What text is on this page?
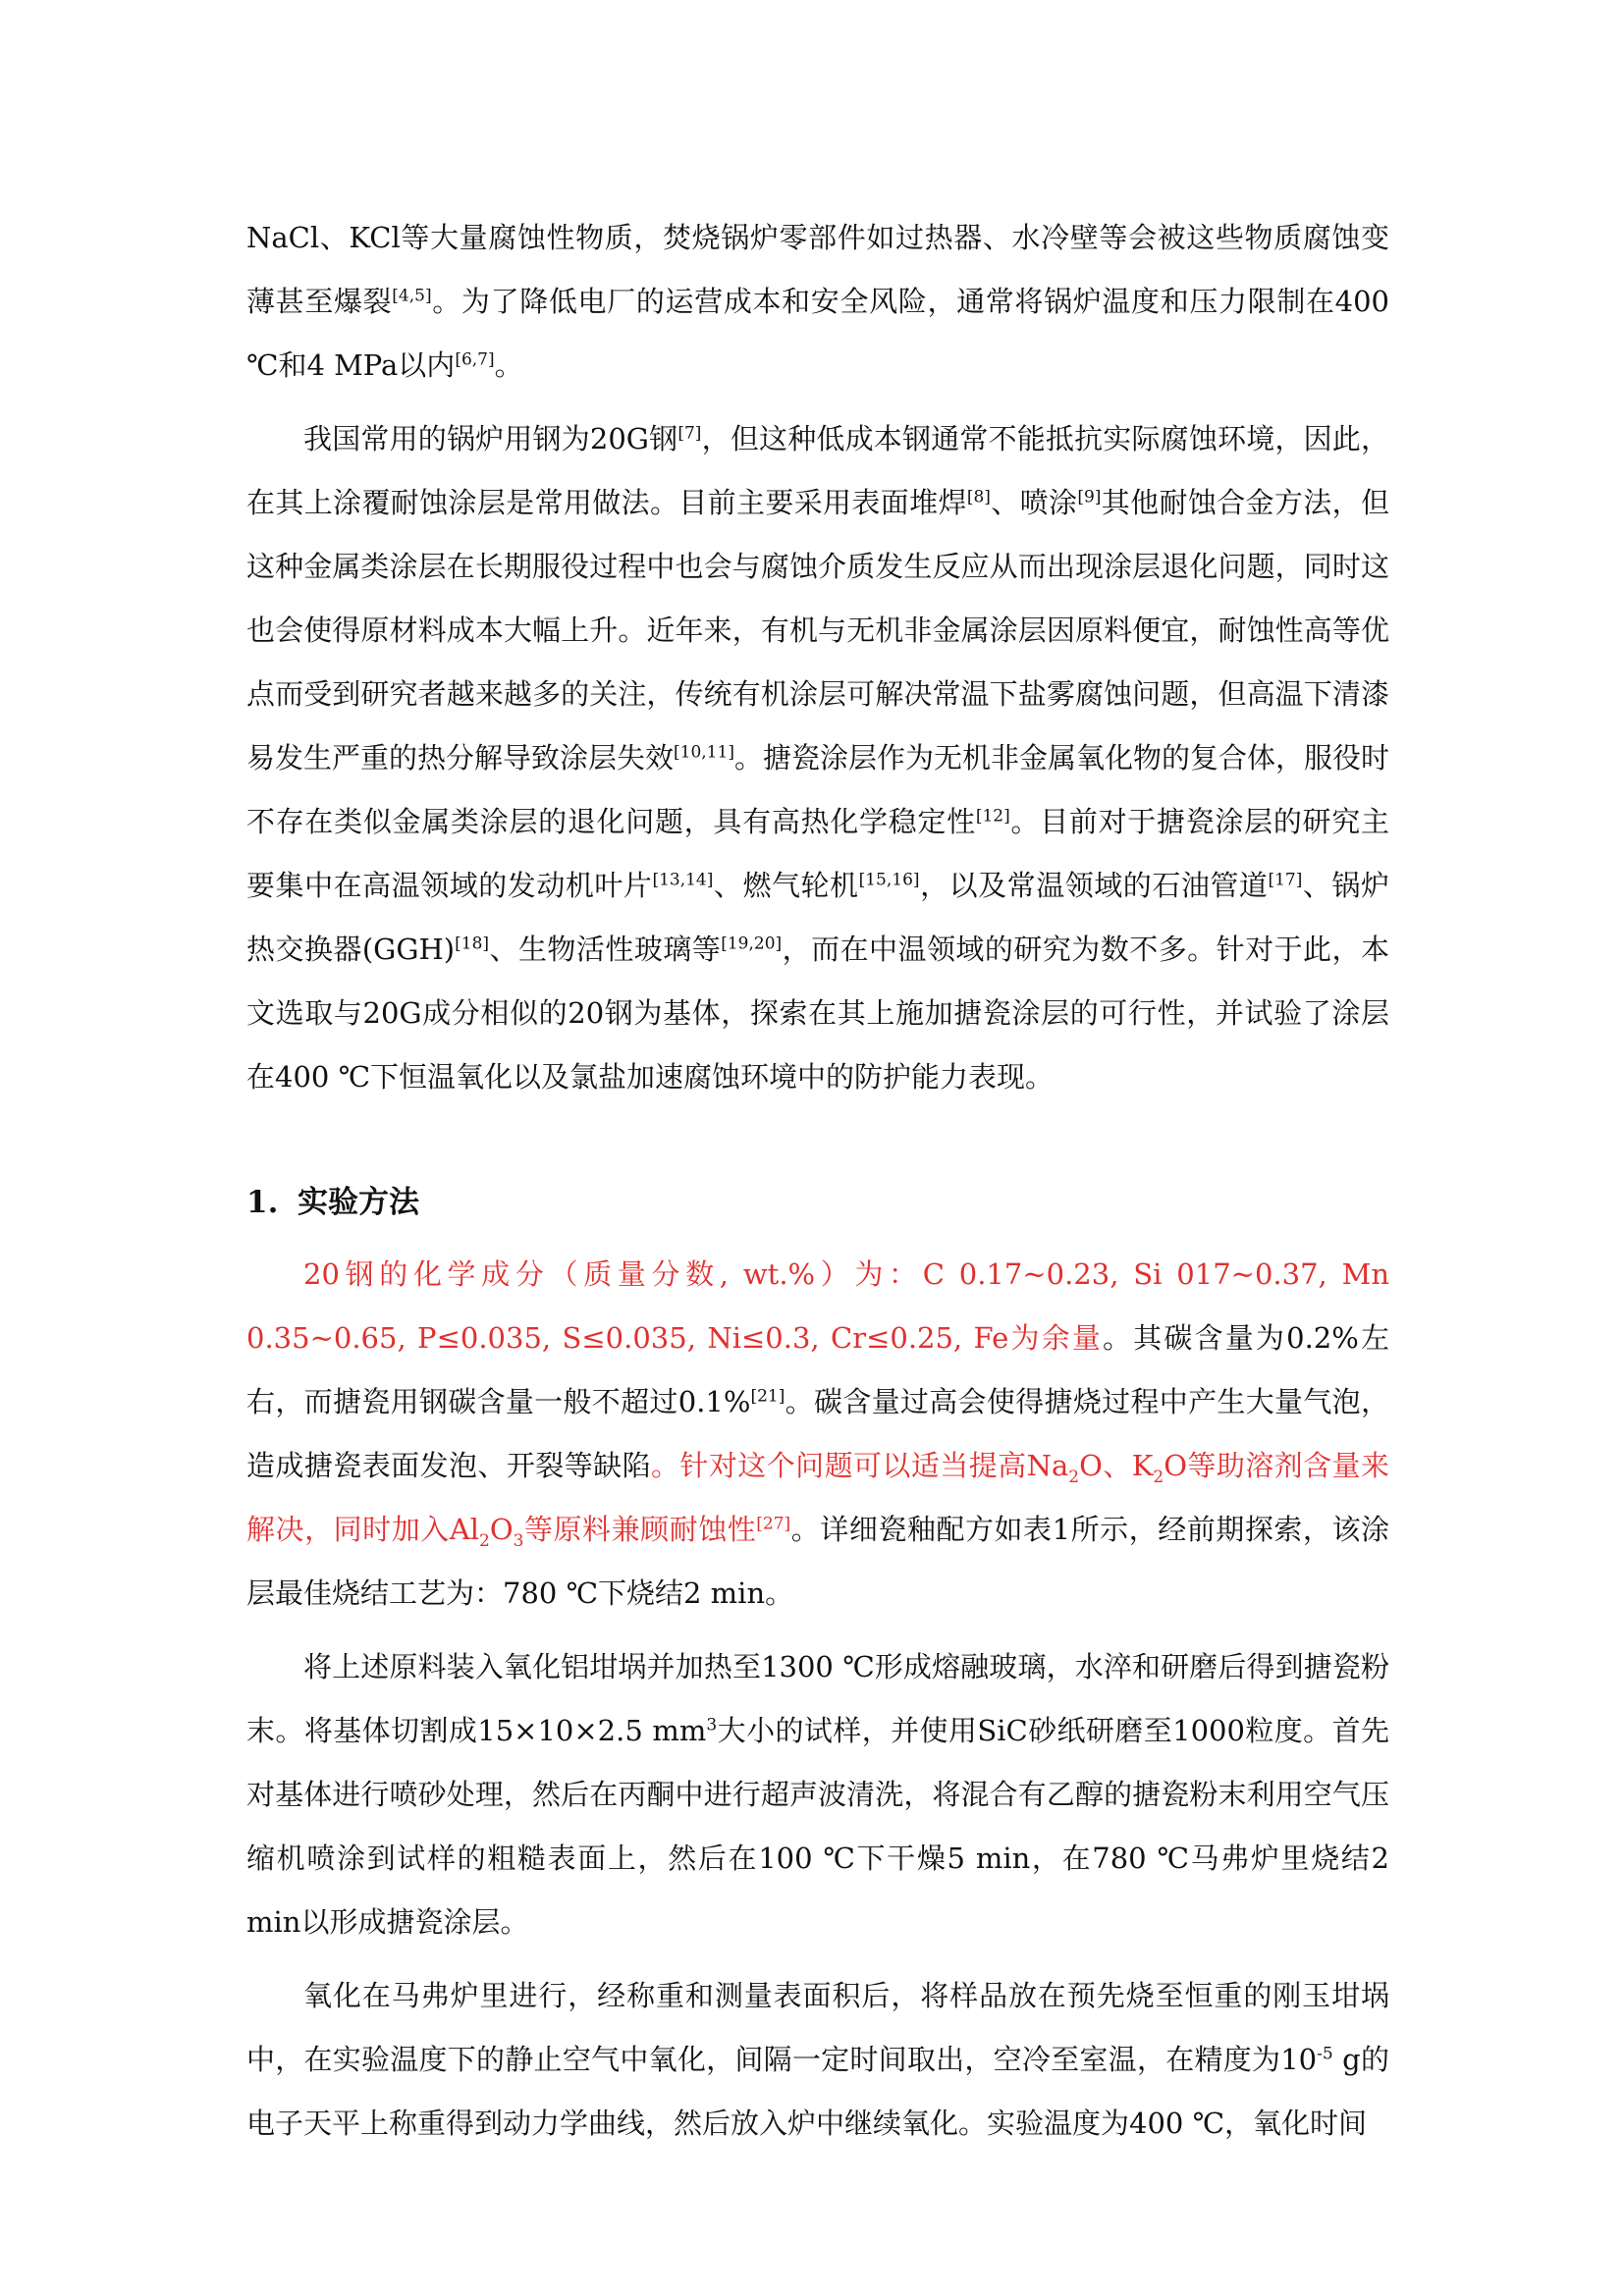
NaCl、KCl等大量腐蚀性物质，焚烧锅炉零部件如过热器、水冷壁等会被这些物质腐蚀变薄甚至爆裂[4,5]。为了降低电厂的运营成本和安全风险，通常将锅炉温度和压力限制在400 ℃和4 MPa以内[6,7]。

我国常用的锅炉用钢为20G钢[7]，但这种低成本钢通常不能抵抗实际腐蚀环境，因此，在其上涂覆耐蚀涂层是常用做法。目前主要采用表面堆焊[8]、喷涂[9]其他耐蚀合金方法，但这种金属类涂层在长期服役过程中也会与腐蚀介质发生反应从而出现涂层退化问题，同时这也会使得原材料成本大幅上升。近年来，有机与无机非金属涂层因原料便宜，耐蚀性高等优点而受到研究者越来越多的关注，传统有机涂层可解决常温下盐雾腐蚀问题，但高温下清漆易发生严重的热分解导致涂层失效[10,11]。搪瓷涂层作为无机非金属氧化物的复合体，服役时不存在类似金属类涂层的退化问题，具有高热化学稳定性[12]。目前对于搪瓷涂层的研究主要集中在高温领域的发动机叶片[13,14]、燃气轮机[15,16]，以及常温领域的石油管道[17]、锅炉热交换器(GGH)[18]、生物活性玻璃等[19,20]，而在中温领域的研究为数不多。针对于此，本文选取与20G成分相似的20钢为基体，探索在其上施加搪瓷涂层的可行性，并试验了涂层在400 ℃下恒温氧化以及氯盐加速腐蚀环境中的防护能力表现。

1. 实验方法

20钢的化学成分（质量分数, wt.%）为：C 0.17~0.23, Si 017~0.37, Mn 0.35~0.65, P≤0.035, S≤0.035, Ni≤0.3, Cr≤0.25, Fe为余量。其碳含量为0.2%左右，而搪瓷用钢碳含量一般不超过0.1%[21]。碳含量过高会使得搪烧过程中产生大量气泡，造成搪瓷表面发泡、开裂等缺陷。针对这个问题可以适当提高$Na_2O$、$K_2O$等助溶剂含量来解决，同时加入$Al_2O_3$等原料兼顾耐蚀性[27]。详细瓷釉配方如表1所示，经前期探索，该涂层最佳烧结工艺为：780 ℃下烧结2 min。

将上述原料装入氧化铝坩埚并加热至1300 ℃形成熔融玻璃，水淬和研磨后得到搪瓷粉末。将基体切割成15×10×2.5 $mm^3$大小的试样，并使用SiC砂纸研磨至1000粒度。首先对基体进行喷砂处理，然后在丙酮中进行超声波清洗，将混合有乙醇的搪瓷粉末利用空气压缩机喷涂到试样的粗糙表面上，然后在100 ℃下干燥5 min，在780 ℃马弗炉里烧结2 min以形成搪瓷涂层。

氧化在马弗炉里进行，经称重和测量表面积后，将样品放在预先烧至恒重的刚玉坩埚中，在实验温度下的静止空气中氧化，间隔一定时间取出，空冷至室温，在精度为$10^{-5}$ g的电子天平上称重得到动力学曲线，然后放入炉中继续氧化。实验温度为400 ℃，氧化时间
